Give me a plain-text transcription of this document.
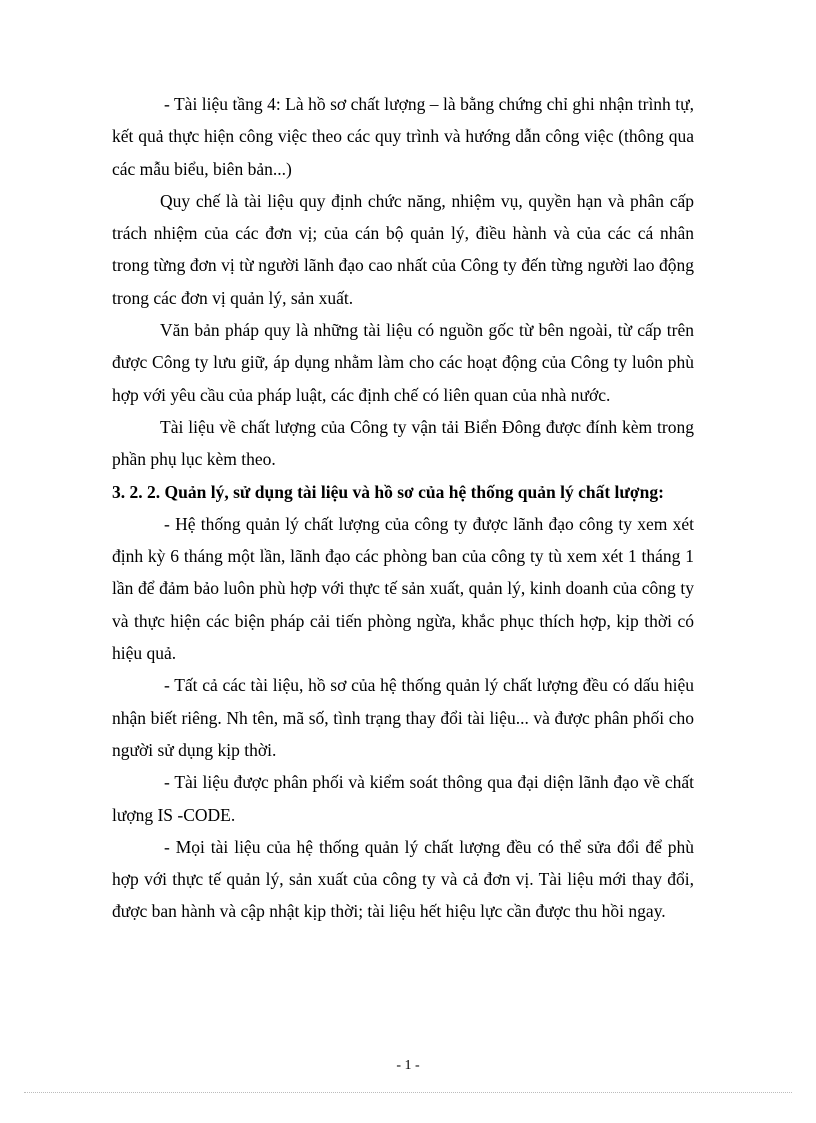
- Tài liệu tầng 4: Là hồ sơ chất lượng – là bằng chứng chỉ ghi nhận trình tự, kết quả thực hiện công việc theo các quy trình và hướng dẫn công việc (thông qua các mẫu biểu, biên bản...)

Quy chế là tài liệu quy định chức năng, nhiệm vụ, quyền hạn và phân cấp trách nhiệm của các đơn vị; của cán bộ quản lý, điều hành và của các cá nhân trong từng đơn vị từ người lãnh đạo cao nhất của Công ty đến từng người lao động trong các đơn vị quản lý, sản xuất.

Văn bản pháp quy là những tài liệu có nguồn gốc từ bên ngoài, từ cấp trên được Công ty lưu giữ, áp dụng nhằm làm cho các hoạt động của Công ty luôn phù hợp với yêu cầu của pháp luật, các định chế có liên quan của nhà nước.

Tài liệu về chất lượng của Công ty vận tải Biển Đông được đính kèm trong phần phụ lục kèm theo.

3. 2. 2. Quản lý, sử dụng tài liệu và hồ sơ của hệ thống quản lý chất lượng:

- Hệ thống quản lý chất lượng của công ty được lãnh đạo công ty xem xét định kỳ 6 tháng một lần, lãnh đạo các phòng ban của công ty tù xem xét 1 tháng 1 lần để đảm bảo luôn phù hợp với thực tế sản xuất, quản lý, kinh doanh của công ty và thực hiện các biện pháp cải tiến phòng ngừa, khắc phục thích hợp, kịp thời có hiệu quả.

- Tất cả các tài liệu, hồ sơ của hệ thống quản lý chất lượng đều có dấu hiệu nhận biết riêng. Nh tên, mã số, tình trạng thay đổi tài liệu... và được phân phối cho người sử dụng kịp thời.

- Tài liệu được phân phối và kiểm soát thông qua đại diện lãnh đạo về chất lượng IS -CODE.

- Mọi tài liệu của hệ thống quản lý chất lượng đều có thể sửa đổi để phù hợp với thực tế quản lý, sản xuất của công ty và cả đơn vị. Tài liệu mới thay đổi, được ban hành và cập nhật kịp thời; tài liệu hết hiệu lực cần được thu hồi ngay.

- 1 -
